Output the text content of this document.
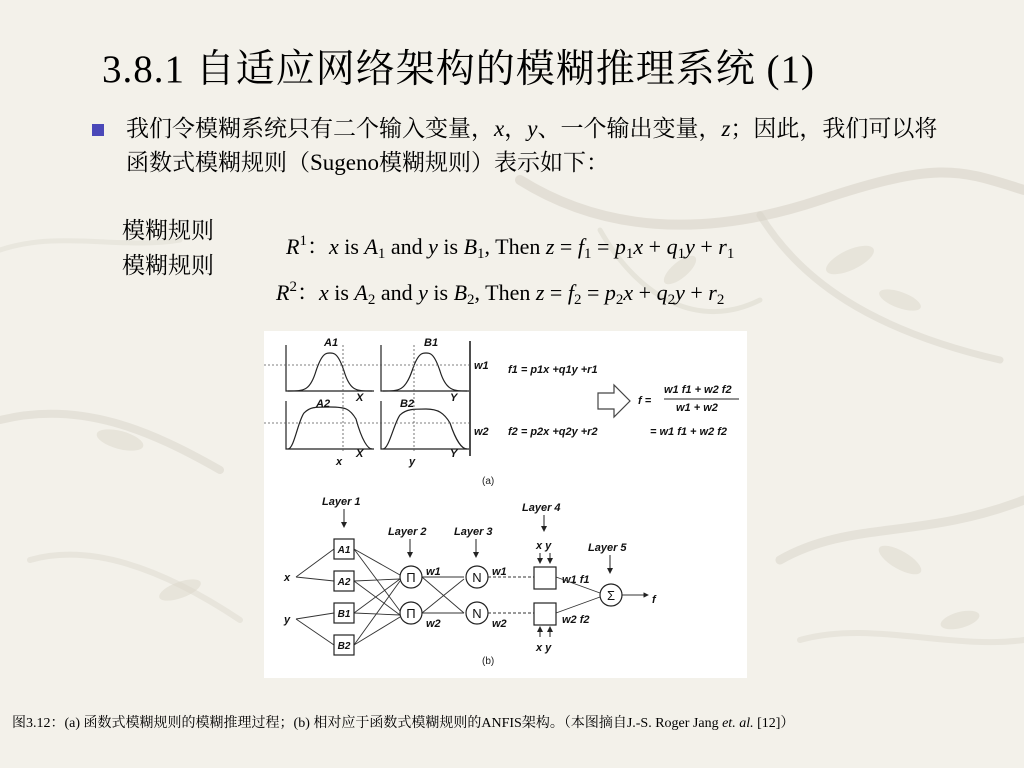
3.8.1 自适应网络架构的模糊推理系统 (1)
我们令模糊系统只有二个输入变量，x，y、一个输出变量，z；因此，我们可以将函数式模糊规则（Sugeno模糊规则）表示如下：
模糊规则
模糊规则
$R^1$：x is $A_1$ and y is $B_1$, Then $z = f_1 = p_1x + q_1y + r_1$
$R^2$：x is $A_2$ and y is $B_2$, Then $z = f_2 = p_2x + q_2y + r_2$
A1	B1
A2	B2
X	Y
X	Y
x	y
w1
w2
f1 = p1x +q1y +r1
f2 = p2x +q2y +r2
f =
w1 f1 + w2 f2
w1 + w2
= w1 f1 + w2 f2
(a)
Layer 1
Layer 2 Layer 3
Layer 4
Layer 5
x
y
f
x y
x y
w1
w2
w1
w2
w1 f1
w2 f2
A1
A2
B1
B2
Π
Π
N
N
Σ
(b)
图3.12：(a) 函数式模糊规则的模糊推理过程；(b) 相对应于函数式模糊规则的ANFIS架构。（本图摘自J.-S. Roger Jang et. al. [12]）
